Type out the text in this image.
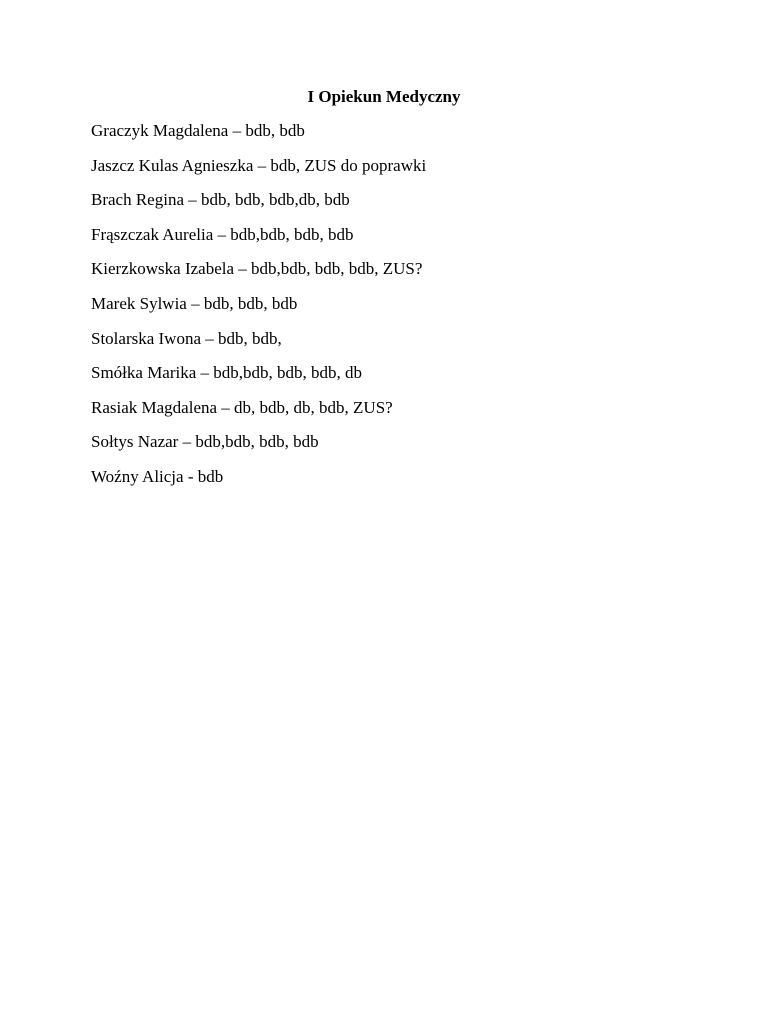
I Opiekun Medyczny
Graczyk Magdalena – bdb, bdb
Jaszcz Kulas Agnieszka – bdb, ZUS do poprawki
Brach Regina – bdb, bdb, bdb,db, bdb
Frąszczak Aurelia – bdb,bdb, bdb, bdb
Kierzkowska Izabela – bdb,bdb, bdb, bdb, ZUS?
Marek Sylwia – bdb, bdb, bdb
Stolarska Iwona – bdb, bdb,
Smółka Marika – bdb,bdb, bdb, bdb, db
Rasiak Magdalena – db, bdb, db, bdb, ZUS?
Sołtys Nazar – bdb,bdb, bdb, bdb
Woźny Alicja - bdb
